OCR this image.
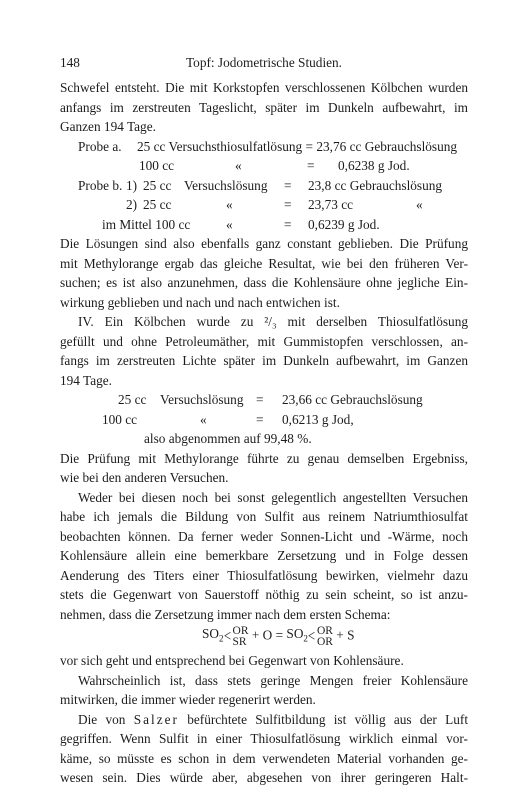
148	Topf: Jodometrische Studien.
Schwefel entsteht. Die mit Korkstopfen verschlossenen Kölbchen wurden
anfangs im zerstreuten Tageslicht, später im Dunkeln aufbewahrt, im
Ganzen 194 Tage.
Probe a. 25 cc Versuchsthiosulfatlösung = 23,76 cc Gebrauchslösung
100 cc	«	= 0,6238 g Jod.
Probe b. 1) 25 cc Versuchslösung = 23,8 cc Gebrauchslösung
2) 25 cc	«	= 23,73 cc	«
im Mittel 100 cc	«	= 0,6239 g Jod.
Die Lösungen sind also ebenfalls ganz constant geblieben. Die Prüfung
mit Methylorange ergab das gleiche Resultat, wie bei den früheren Ver-
suchen; es ist also anzunehmen, dass die Kohlensäure ohne jegliche Ein-
wirkung geblieben und nach und nach entwichen ist.
IV. Ein Kölbchen wurde zu ²/₃ mit derselben Thiosulfatlösung
gefüllt und ohne Petroleumäther, mit Gummistopfen verschlossen, an-
fangs im zerstreuten Lichte später im Dunkeln aufbewahrt, im Ganzen
194 Tage.
25 cc Versuchslösung = 23,66 cc Gebrauchslösung
100 cc	«	= 0,6213 g Jod,
also abgenommen auf 99,48 %.
Die Prüfung mit Methylorange führte zu genau demselben Ergebniss,
wie bei den anderen Versuchen.
Weder bei diesen noch bei sonst gelegentlich angestellten Versuchen
habe ich jemals die Bildung von Sulfit aus reinem Natriumthiosulfat
beobachten können. Da ferner weder Sonnen-Licht und -Wärme, noch
Kohlensäure allein eine bemerkbare Zersetzung und in Folge dessen
Aenderung des Titers einer Thiosulfatlösung bewirken, vielmehr dazu
stets die Gegenwart von Sauerstoff nöthig zu sein scheint, so ist anzu-
nehmen, dass die Zersetzung immer nach dem ersten Schema:
$SO_2<$ OR
SR + $O = SO_2<$ OR
OR + S
vor sich geht und entsprechend bei Gegenwart von Kohlensäure.
Wahrscheinlich ist, dass stets geringe Mengen freier Kohlensäure
mitwirken, die immer wieder regenerirt werden.
Die von Salzer befürchtete Sulfitbildung ist völlig aus der Luft
gegriffen. Wenn Sulfit in einer Thiosulfatlösung wirklich einmal vor-
käme, so müsste es schon in dem verwendeten Material vorhanden ge-
wesen sein. Dies würde aber, abgesehen von ihrer geringeren Halt-
